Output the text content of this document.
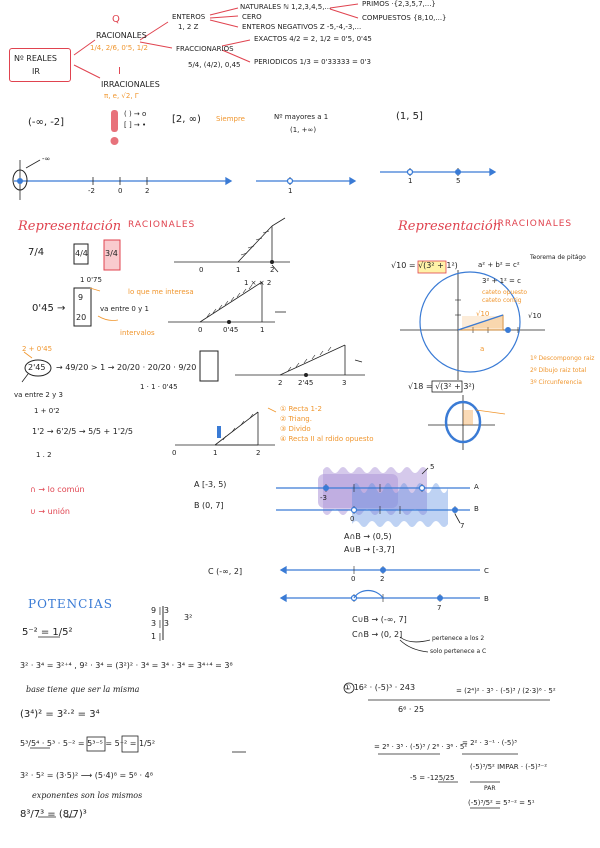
Nº REALES
IR
Q
RACIONALES
1/4, 2/6, 0'5, 1/2
I
IRRACIONALES
π, e, √2, Γ
ENTEROS
1, 2 Z
NATURALES ℕ 1,2,3,4,5,...
CERO
ENTEROS NEGATIVOS Z -5,-4,-3,...
PRIMOS ·{2,3,5,7,...}
COMPUESTOS {8,10,...}
FRACCIONARIOS
5/4, (4/2), 0,45
EXACTOS 4/2 = 2, 1/2 = 0'5, 0'45
PERIODICOS 1/3 = 0'33333 = 0'3
(-∞, -2]
( ) → o
[ ] → •	[2, ∞) Siempre	Nº mayores a 1
(1, +∞)
(1, 5]
-∞
-2	0	2	1
1	5
Representación RACIONALES
7/4	4/4 3/4
1 0'75
lo que me interesa
0	1	2
0'45 →
9
20
va entre 0 y 1
intervalos
1 × × 2
0	0'45	1
2 + 0'45
2'45 → 49/20 > 1 → 20/20 · 20/20 · 9/20
1 · 1 · 0'45
va entre 2 y 3
2 2'45	3
1 + 0'2
1'2 → 6'2/5 → 5/5 + 1'2/5
1 . 2	0	1	2
① Recta 1-2
② Triang.
③ Divido
④ Recta II al rdido opuesto
Representación
IRRACIONALES
√10 = √(3² + 1²)	a² + b² = c²
Teorema de pitágo
3² + 1² = c
cateto opuesto
cateto contig
√10	√10
a
1º Descompongo raiz
2º Dibujo raiz total
3º Circunferencia
√18 = √(3² + 3²)
∩ → lo común
∪ → unión
A [-3, 5)
B (0, 7]
A
B
5
7
-3
0
A∩B → (0,5)
A∪B → [-3,7]
C (-∞, 2]	C
0	2
B
7
C∪B → (-∞, 7]
C∩B → (0, 2]	pertenece a los 2
solo pertenece a C
POTENCIAS
5⁻² = 1/5²
9 | 3
3 | 3
1 |
3²
3² · 3⁴ = 3²⁺⁴ , 9² · 3⁴ = (3²)² · 3⁴ = 3⁴ · 3⁴ = 3⁴⁺⁴ = 3⁸
base tiene que ser la misma
(3⁴)² = 3²·² = 3⁴
5³/5⁴ · 5³ · 5⁻² = 5³⁻⁵ = 5⁻² = 1/5²
3² · 5² = (3·5)² ⟶ (5·4)⁸ = 5⁸ · 4⁸
exponentes son los mismos
8³/7³ = (8/7)³
① 16² · (-5)³ · 243
6⁶ · 25
= (2⁴)² · 3⁵ · (-5)³ / (2·3)⁶ · 5²
= 2⁸ · 3⁵ · (-5)³ / 2⁶ · 3⁶ · 5²
= 2² · 3⁻¹ · (-5)³
-5 = -125/25
(-5)³/5² IMPAR · (-5)³⁻²
PAR
(-5)³/5² = 5³⁻² = 5¹
